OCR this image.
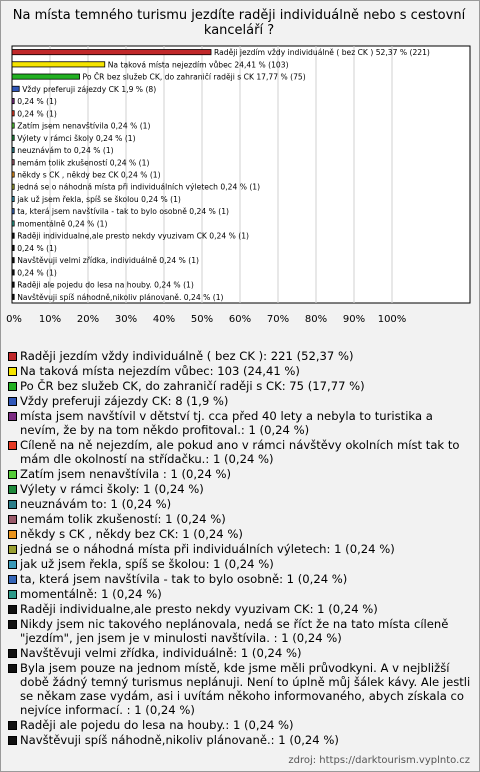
Na místa temného turismu jezdíte raději individuálně nebo s cestovní kanceláří ?
0% 10% 20% 30% 40% 50% 60% 70% 80% 90% 100%
Raději jezdím vždy individuálně ( bez CK ) 52,37 % (221)
Na taková místa nejezdím vůbec 24,41 % (103)
Po ČR bez služeb CK, do zahraničí raději s CK 17,77 % (75)
Vždy preferuji zájezdy CK 1,9 % (8)
0,24 % (1)
0,24 % (1)
Zatím jsem nenavštívila 0,24 % (1)
Výlety v rámci školy 0,24 % (1)
neuznávám to 0,24 % (1)
nemám tolik zkušeností 0,24 % (1)
někdy s CK , někdy bez CK 0,24 % (1)
jedná se o náhodná místa při individuálních výletech 0,24 % (1)
jak už jsem řekla, spíš se školou 0,24 % (1)
ta, která jsem navštívila - tak to bylo osobně 0,24 % (1)
momentálně 0,24 % (1)
Raději individualne,ale presto nekdy vyuzivam CK 0,24 % (1)
0,24 % (1)
Navštěvuji velmi zřídka, individuálně 0,24 % (1)
0,24 % (1)
Raději ale pojedu do lesa na houby. 0,24 % (1)
Navštěvuji spíš náhodně,nikoliv plánovaně. 0,24 % (1)
Raději jezdím vždy individuálně ( bez CK ): 221 (52,37 %)
Na taková místa nejezdím vůbec: 103 (24,41 %)
Po ČR bez služeb CK, do zahraničí raději s CK: 75 (17,77 %)
Vždy preferuji zájezdy CK: 8 (1,9 %)
místa jsem navštívil v dětství tj. cca před 40 lety a nebyla to turistika a nevím, že by na tom někdo profitoval.: 1 (0,24 %)
Cíleně na ně nejezdím, ale pokud ano v rámci návštěvy okolních míst tak to mám dle okolností na střídačku.: 1 (0,24 %)
Zatím jsem nenavštívila : 1 (0,24 %)
Výlety v rámci školy: 1 (0,24 %)
neuznávám to: 1 (0,24 %)
nemám tolik zkušeností: 1 (0,24 %)
někdy s CK , někdy bez CK: 1 (0,24 %)
jedná se o náhodná místa při individuálních výletech: 1 (0,24 %)
jak už jsem řekla, spíš se školou: 1 (0,24 %)
ta, která jsem navštívila - tak to bylo osobně: 1 (0,24 %)
momentálně: 1 (0,24 %)
Raději individualne,ale presto nekdy vyuzivam CK: 1 (0,24 %)
Nikdy jsem nic takového neplánovala, nedá se říct že na tato místa cíleně "jezdím", jen jsem je v minulosti navštívila. : 1 (0,24 %)
Navštěvuji velmi zřídka, individuálně: 1 (0,24 %)
Byla jsem pouze na jednom místě, kde jsme měli průvodkyni. A v nejbližší době žádný temný turismus neplánuji. Není to úplně můj šálek kávy. Ale jestli se někam zase vydám, asi i uvítám někoho informovaného, abych získala co nejvíce informací. : 1 (0,24 %)
Raději ale pojedu do lesa na houby.: 1 (0,24 %)
Navštěvuji spíš náhodně,nikoliv plánovaně.: 1 (0,24 %)
zdroj: https://darktourism.vyplnto.cz
